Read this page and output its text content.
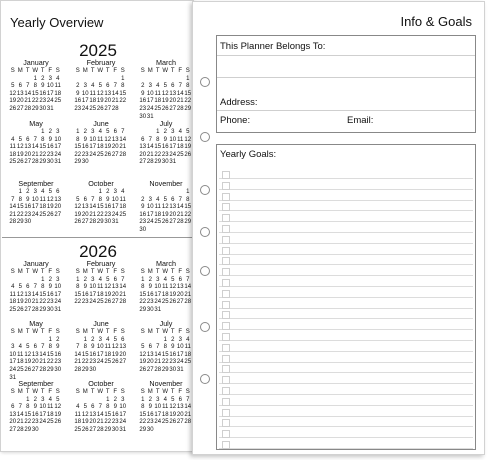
Yearly Overview
2025
2026
January
S M T W T F S
1 2 3 4
5 6 7 8 9 10 11
12 13 14 15 16 17 18
19 20 21 22 23 24 25
26 27 28 29 30 31
February
S M T W T F S
1
2 3 4 5 6 7 8
9 10 11 12 13 14 15
16 17 18 19 20 21 22
23 24 25 26 27 28
March
S M T W T F S
1
2 3 4 5 6 7 8
9 10 11 12 13 14 15
16 17 18 19 20 21 22
23 24 25 26 27 28 29
30 31
May
1 2 3
4 5 6 7 8 9 10
11 12 13 14 15 16 17
18 19 20 21 22 23 24
25 26 27 28 29 30 31
June
1 2 3 4 5 6 7
8 9 10 11 12 13 14
15 16 17 18 19 20 21
22 23 24 25 26 27 28
29 30
July
1 2 3 4 5
6 7 8 9 10 11 12
13 14 15 16 17 18 19
20 21 22 23 24 25 26
27 28 29 30 31
September
1 2 3 4 5 6
7 8 9 10 11 12 13
14 15 16 17 18 19 20
21 22 23 24 25 26 27
28 29 30
October
1 2 3 4
5 6 7 8 9 10 11
12 13 14 15 16 17 18
19 20 21 22 23 24 25
26 27 28 29 30 31
November
1
2 3 4 5 6 7 8
9 10 11 12 13 14 15
16 17 18 19 20 21 22
23 24 25 26 27 28 29
30
January
S M T W T F S
1 2 3
4 5 6 7 8 9 10
11 12 13 14 15 16 17
18 19 20 21 22 23 24
25 26 27 28 29 30 31
February
S M T W T F S
1 2 3 4 5 6 7
8 9 10 11 12 13 14
15 16 17 18 19 20 21
22 23 24 25 26 27 28
March
S M T W T F S
1 2 3 4 5 6 7
8 9 10 11 12 13 14
15 16 17 18 19 20 21
22 23 24 25 26 27 28
29 30 31
May
S M T W T F S
1 2
3 4 5 6 7 8 9
10 11 12 13 14 15 16
17 18 19 20 21 22 23
24 25 26 27 28 29 30
31
June
S M T W T F S
1 2 3 4 5 6
7 8 9 10 11 12 13
14 15 16 17 18 19 20
21 22 23 24 25 26 27
28 29 30
July
S M T W T F S
1 2 3 4
5 6 7 8 9 10 11
12 13 14 15 16 17 18
19 20 21 22 23 24 25
26 27 28 29 30 31
September
S M T W T F S
1 2 3 4 5
6 7 8 9 10 11 12
13 14 15 16 17 18 19
20 21 22 23 24 25 26
27 28 29 30
October
S M T W T F S
1 2 3
4 5 6 7 8 9 10
11 12 13 14 15 16 17
18 19 20 21 22 23 24
25 26 27 28 29 30 31
November
S M T W T F S
1 2 3 4 5 6 7
8 9 10 11 12 13 14
15 16 17 18 19 20 21
22 23 24 25 26 27 28
29 30
Info & Goals
This Planner Belongs To:
Address:
Phone:	Email:
Yearly Goals:
